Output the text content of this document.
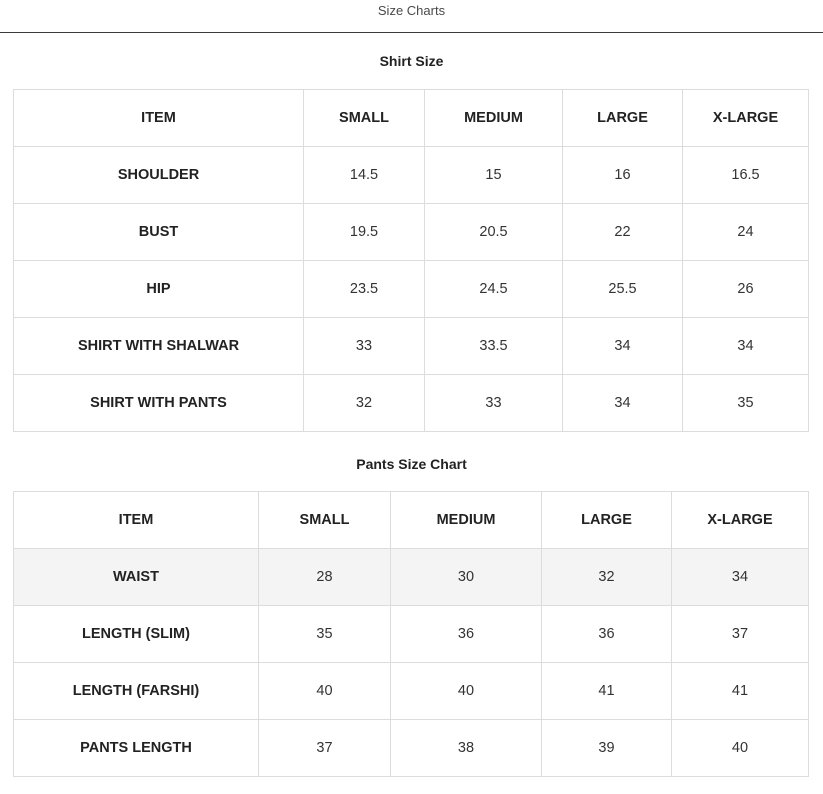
Size Charts
Shirt Size
ITEM	SMALL	MEDIUM	LARGE	X-LARGE
SHOULDER	14.5	15	16	16.5
BUST	19.5	20.5	22	24
HIP	23.5	24.5	25.5	26
SHIRT WITH SHALWAR	33	33.5	34	34
SHIRT WITH PANTS	32	33	34	35
Pants Size Chart
ITEM	SMALL	MEDIUM	LARGE	X-LARGE
WAIST	28	30	32	34
LENGTH (SLIM)	35	36	36	37
LENGTH (FARSHI)	40	40	41	41
PANTS LENGTH	37	38	39	40
